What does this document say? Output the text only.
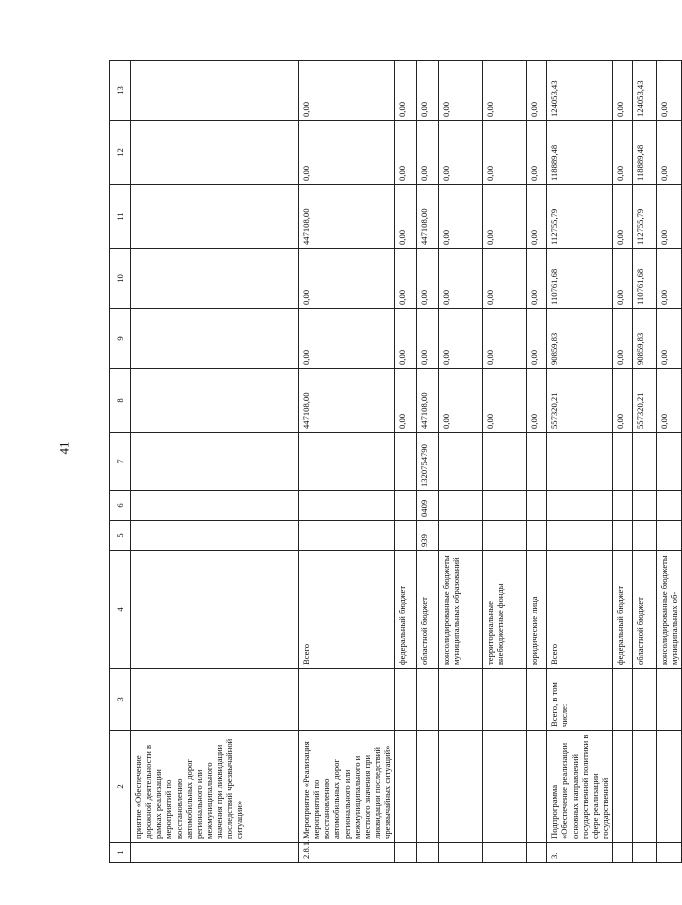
41
1	2	3	4	5	6	7	8	9	10	11	12	13
	приятие «Обеспечение дорожной деятельности в рамках реализации мероприятий по восстановлению автомобильных дорог регионального или межмуниципального значения при ликвидации последствий чрезвычайной ситуации»											
2.8.1.	Мероприятие «Реализация мероприятий по восстановлению автомобильных дорог регионального или межмуниципального и местного значения при ликвидации последствий чрезвычайных ситуаций»		Всего				447108,00	0,00	0,00	447108,00	0,00	0,00
			федеральный бюджет				0,00	0,00	0,00	0,00	0,00	0,00
			областной бюджет	939	0409	1320754790	447108,00	0,00	0,00	447108,00	0,00	0,00
			консолидированные бюджеты муниципальных образований				0,00	0,00	0,00	0,00	0,00	0,00
			территориальные внебюджетные фонды				0,00	0,00	0,00	0,00	0,00	0,00
			юридические лица				0,00	0,00	0,00	0,00	0,00	0,00
3.	Подпрограмма «Обеспечение реализации основных направлений государственной политики в сфере реализации государственной	Всего, в том числе:	Всего				557320,21	90859,83	110761,68	112755,79	118889,48	124053,43
			федеральный бюджет				0,00	0,00	0,00	0,00	0,00	0,00
			областной бюджет				557320,21	90859,83	110761,68	112755,79	118889,48	124053,43
			консолидированные бюджеты муниципальных об-				0,00	0,00	0,00	0,00	0,00	0,00
